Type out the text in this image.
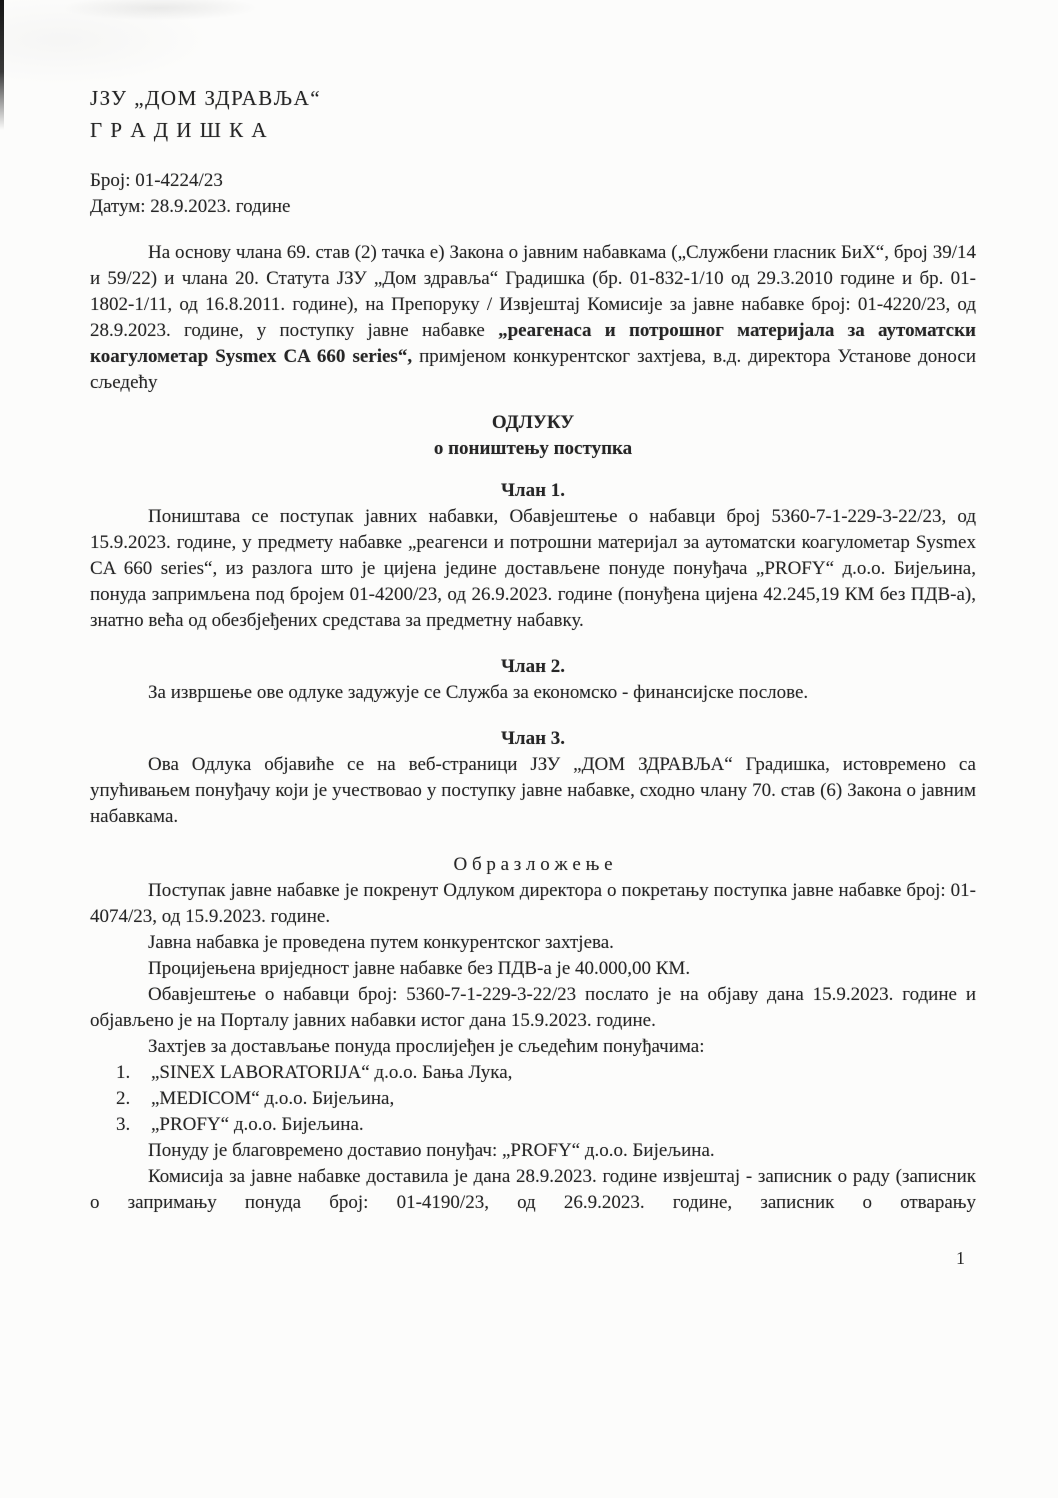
ЈЗУ „ДОМ ЗДРАВЉА“
Г Р А Д И Ш К А
Број: 01-4224/23
Датум: 28.9.2023. године

На основу члана 69. став (2) тачка е) Закона о јавним набавкама („Службени гласник БиХ“, број 39/14 и 59/22) и члана 20. Статута ЈЗУ „Дом здравља“ Градишка (бр. 01-832-1/10 од 29.3.2010 године и бр. 01-1802-1/11, од 16.8.2011. године), на Препоруку / Извјештај Комисије за јавне набавке број: 01-4220/23, од 28.9.2023. године, у поступку јавне набавке „реагенаса и потрошног материјала за аутоматски коагулометар Sysmex CA 660 series“, примјеном конкурентског захтјева, в.д. директора Установе доноси сљедећу

ОДЛУКУ
о поништењу поступка
Члан 1.

Поништава се поступак јавних набавки, Обавјештење о набавци број 5360-7-1-229-3-22/23, од 15.9.2023. године, у предмету набавке „реагенси и потрошни материјал за аутоматски коагулометар Sysmex CA 660 series“, из разлога што је цијена једине достављене понуде понуђача „PROFY“ д.о.о. Бијељина, понуда запримљена под бројем 01-4200/23, од 26.9.2023. године (понуђена цијена 42.245,19 КМ без ПДВ-а), знатно већа од обезбјеђених средстава за предметну набавку.

Члан 2.

За извршење ове одлуке задужује се Служба за економско - финансијске послове.

Члан 3.

Ова Одлука објавиће се на веб-страници ЈЗУ „ДОМ ЗДРАВЉА“ Градишка, истовремено са упућивањем понуђачу који је учествовао у поступку јавне набавке, сходно члану 70. став (6) Закона о јавним набавкама.

О б р а з л о ж е њ е

Поступак јавне набавке је покренут Одлуком директора о покретању поступка јавне набавке број: 01-4074/23, од 15.9.2023. године.

Јавна набавка је проведена путем конкурентског захтјева.

Процијењена вриједност јавне набавке без ПДВ-а је 40.000,00 КМ.

Обавјештење о набавци број: 5360-7-1-229-3-22/23 послато је на објаву дана 15.9.2023. године и објављено је на Порталу јавних набавки истог дана 15.9.2023. године.

Захтјев за достављање понуда прослијеђен је сљедећим понуђачима:

1.	„SINEX LABORATORIJA“ д.о.о. Бања Лука,
2.	„MEDICOM“ д.о.о. Бијељина,
3.	„PROFY“ д.о.о. Бијељина.

Понуду је благовремено доставио понуђач: „PROFY“ д.о.о. Бијељина.

Комисија за јавне набавке доставила је дана 28.9.2023. године извјештај - записник о раду (записник о запримању понуда број: 01-4190/23, од 26.9.2023. године, записник о отварању

1
